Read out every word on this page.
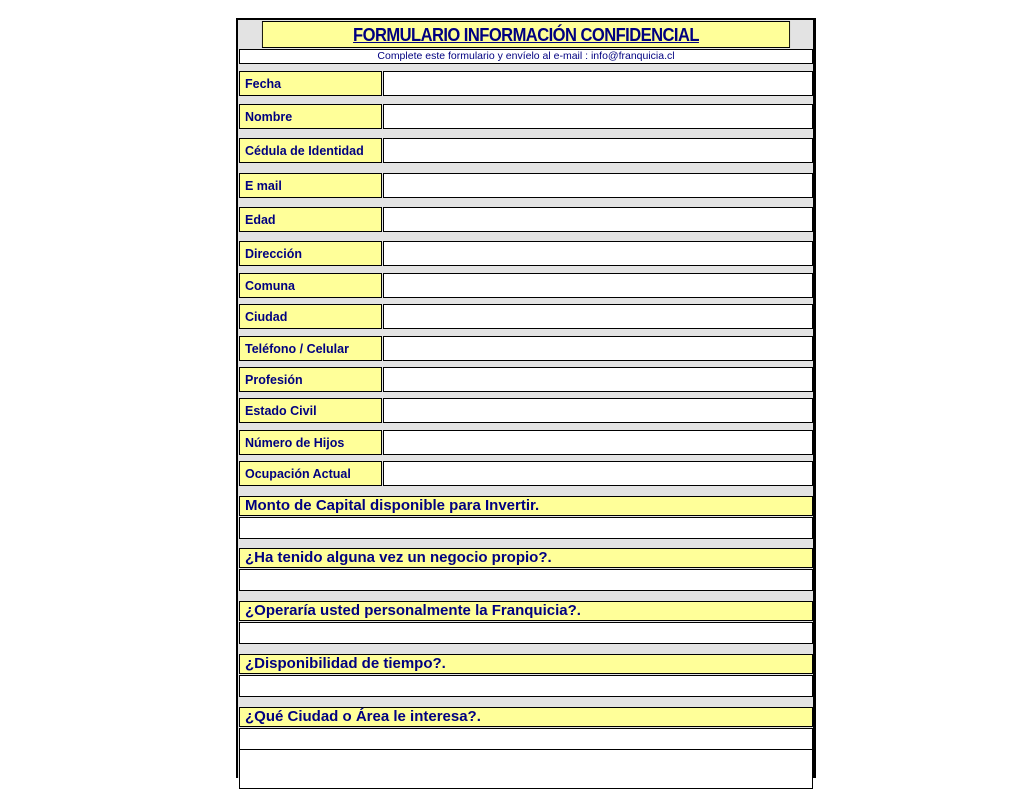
FORMULARIO INFORMACIÓN CONFIDENCIAL
Complete este formulario y envíelo al e-mail : info@franquicia.cl
Fecha
Nombre
Cédula de Identidad
E mail
Edad
Dirección
Comuna
Ciudad
Teléfono / Celular
Profesión
Estado Civil
Número de Hijos
Ocupación Actual
Monto de Capital disponible para Invertir.
¿Ha tenido alguna vez un negocio propio?.
¿Operaría usted personalmente la Franquicia?.
¿Disponibilidad de tiempo?.
¿Qué Ciudad o Área le interesa?.
